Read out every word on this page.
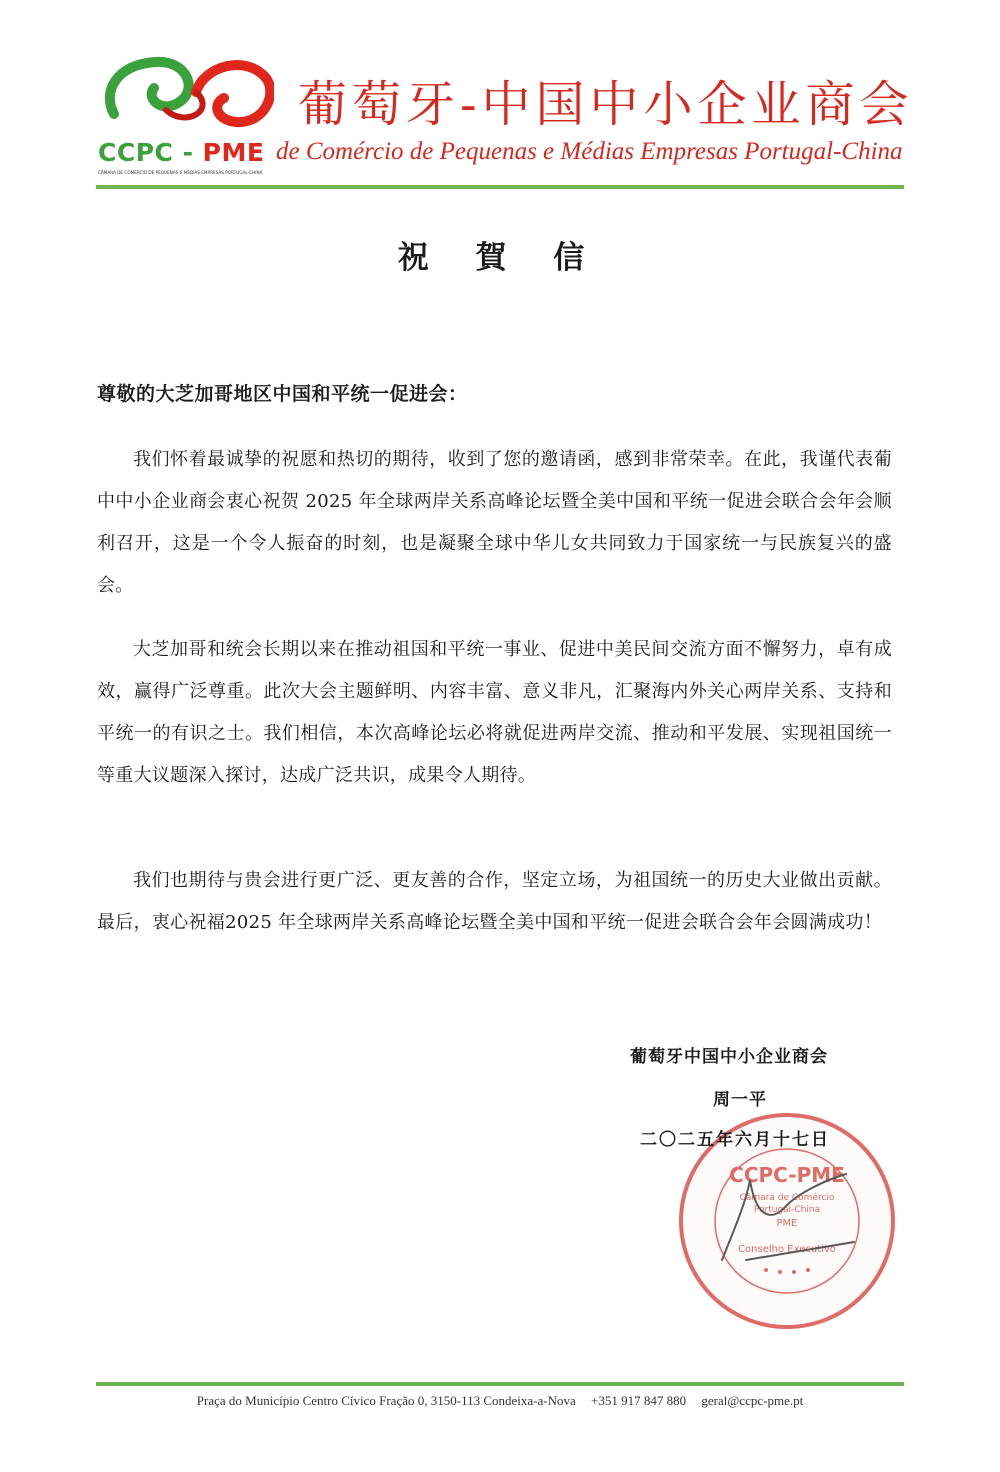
CCPC - PME
CÂMARA DE COMÉRCIO DE PEQUENAS E MÉDIAS EMPRESAS PORTUGAL-CHINA
葡萄牙-中国中小企业商会
de Comércio de Pequenas e Médias Empresas Portugal-China
祝 賀 信
尊敬的大芝加哥地区中国和平统一促进会：

我们怀着最诚挚的祝愿和热切的期待，收到了您的邀请函，感到非常荣幸。在此，我谨代表葡中中小企业商会衷心祝贺 2025 年全球两岸关系高峰论坛暨全美中国和平统一促进会联合会年会顺利召开，这是一个令人振奋的时刻，也是凝聚全球中华儿女共同致力于国家统一与民族复兴的盛会。

大芝加哥和统会长期以来在推动祖国和平统一事业、促进中美民间交流方面不懈努力，卓有成效，赢得广泛尊重。此次大会主题鲜明、内容丰富、意义非凡，汇聚海内外关心两岸关系、支持和平统一的有识之士。我们相信，本次高峰论坛必将就促进两岸交流、推动和平发展、实现祖国统一等重大议题深入探讨，达成广泛共识，成果令人期待。

我们也期待与贵会进行更广泛、更友善的合作，坚定立场，为祖国统一的历史大业做出贡献。最后，衷心祝福2025 年全球两岸关系高峰论坛暨全美中国和平统一促进会联合会年会圆满成功！

CCPC-PME
Câmara de Comércio
Portugal-China
PME
Conselho Executivo
葡萄牙中国中小企业商会
周一平
二〇二五年六月十七日
Praça do Município Centro Cívico Fração 0, 3150-113 Condeixa-a-Nova +351 917 847 880 geral@ccpc-pme.pt
